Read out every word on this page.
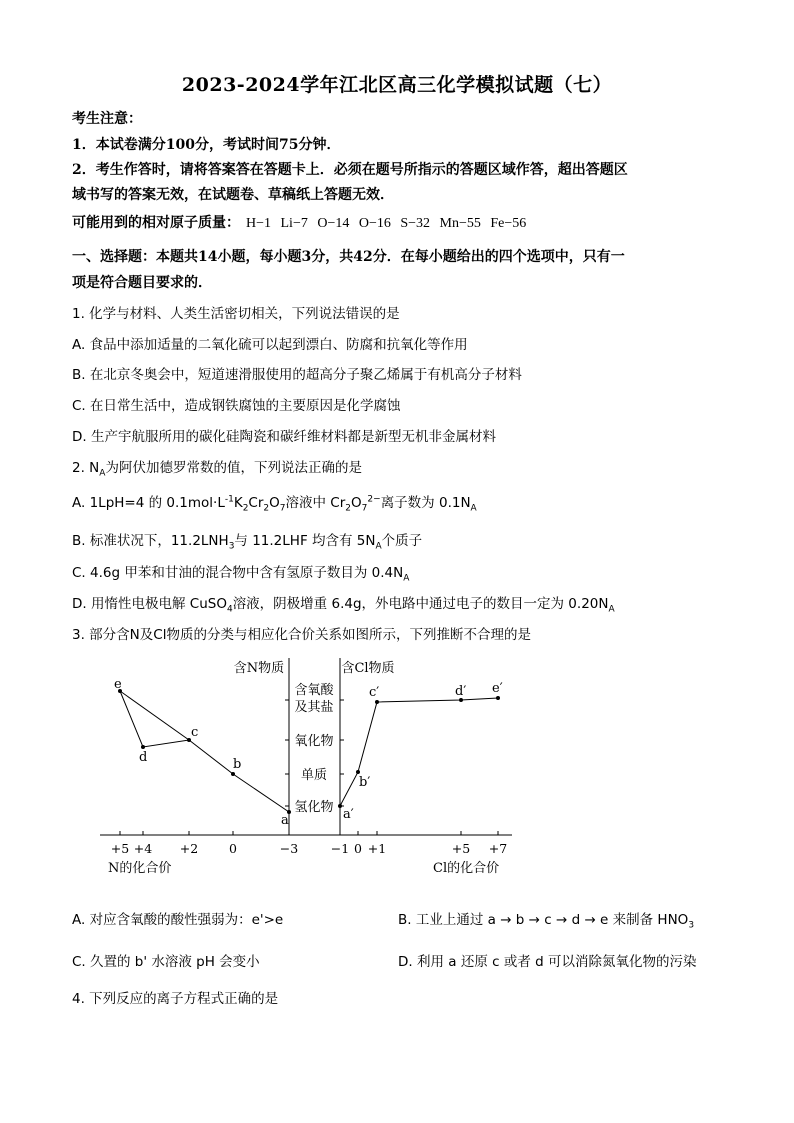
2023-2024学年江北区高三化学模拟试题（七）
考生注意：
1．本试卷满分100分，考试时间75分钟．
2．考生作答时，请将答案答在答题卡上．必须在题号所指示的答题区域作答，超出答题区
域书写的答案无效，在试题卷、草稿纸上答题无效．
可能用到的相对原子质量： H−1 Li−7 O−14 O−16 S−32 Mn−55 Fe−56
一、选择题：本题共14小题，每小题3分，共42分．在每小题给出的四个选项中，只有一
项是符合题目要求的．
1. 化学与材料、人类生活密切相关，下列说法错误的是
A. 食品中添加适量的二氧化硫可以起到漂白、防腐和抗氧化等作用
B. 在北京冬奥会中，短道速滑服使用的超高分子聚乙烯属于有机高分子材料
C. 在日常生活中，造成钢铁腐蚀的主要原因是化学腐蚀
D. 生产宇航服所用的碳化硅陶瓷和碳纤维材料都是新型无机非金属材料
2. $N_A$为阿伏加德罗常数的值，下列说法正确的是
A. 1LpH=4 的 $0.1mol\cdot L^{-1}K_2Cr_2O_7$溶液中 $Cr_2O_7^{2-}$离子数为 $0.1N_A$
B. 标准状况下，$11.2LNH_3$与 11.2LHF 均含有 $5N_A$个质子
C. 4.6g 甲苯和甘油的混合物中含有氢原子数目为 $0.4N_A$
D. 用惰性电极电解 CuSO$_4$溶液，阴极增重 6.4g，外电路中通过电子的数目一定为 $0.20N_A$
3. 部分含N及Cl物质的分类与相应化合价关系如图所示，下列推断不合理的是
含N物质	含Cl物质
含氧酸
及其盐
氧化物
单质
氢化物
+5 +4 +2 0	−3	−1 0 +1	+5 +7
N的化合价	Cl的化合价
e
d
c
b
a	a′
b′
c′	d′ e′
A. 对应含氧酸的酸性强弱为：e'>e	B. 工业上通过 a → b → c → d → e 来制备 $HNO_3$
C. 久置的 b' 水溶液 pH 会变小	D. 利用 a 还原 c 或者 d 可以消除氮氧化物的污染
4. 下列反应的离子方程式正确的是
